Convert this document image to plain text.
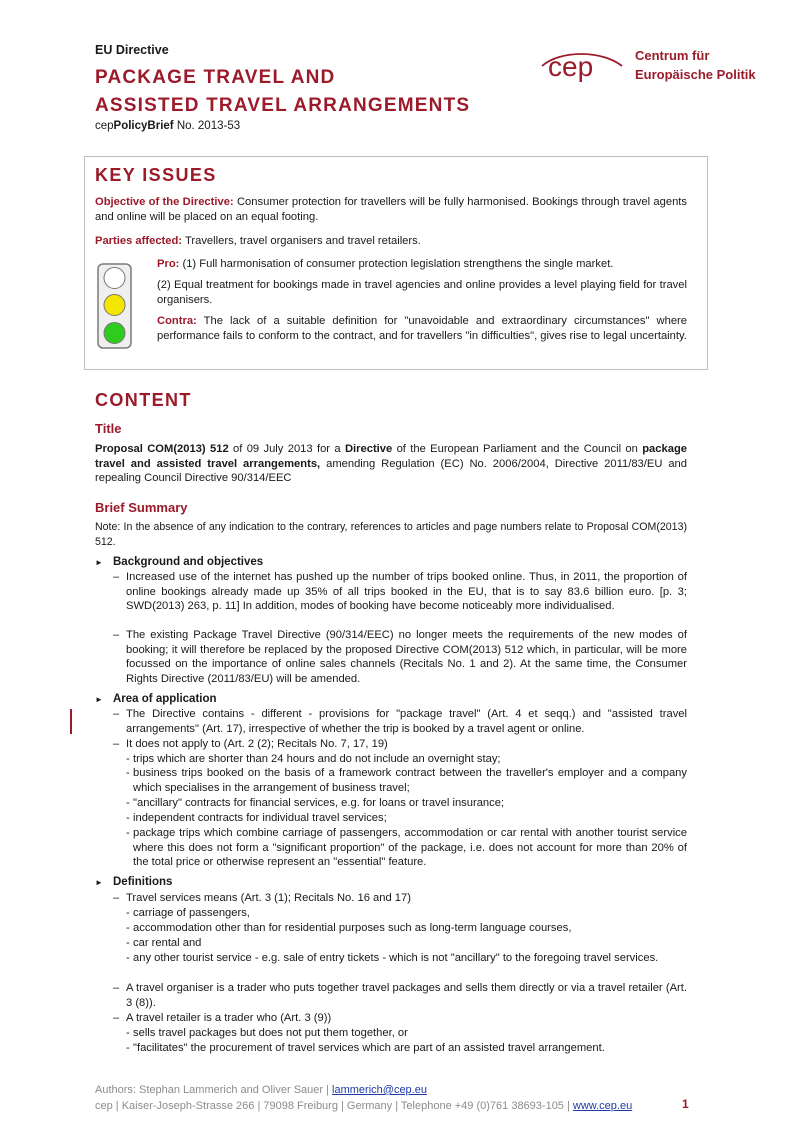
EU Directive
PACKAGE TRAVEL AND
ASSISTED TRAVEL ARRANGEMENTS
cepPolicyBrief No. 2013-53
cep	Centrum für
Europäische Politik
KEY ISSUES
Objective of the Directive: Consumer protection for travellers will be fully harmonised. Bookings through travel agents and online will be placed on an equal footing.
Parties affected: Travellers, travel organisers and travel retailers.
Pro: (1) Full harmonisation of consumer protection legislation strengthens the single market.
(2) Equal treatment for bookings made in travel agencies and online provides a level playing field for travel organisers.
Contra: The lack of a suitable definition for "unavoidable and extraordinary circumstances" where performance fails to conform to the contract, and for travellers "in difficulties", gives rise to legal uncertainty.
CONTENT
Title
Proposal COM(2013) 512 of 09 July 2013 for a Directive of the European Parliament and the Council on package travel and assisted travel arrangements, amending Regulation (EC) No. 2006/2004, Directive 2011/83/EU and repealing Council Directive 90/314/EEC
Brief Summary
Note: In the absence of any indication to the contrary, references to articles and page numbers relate to Proposal COM(2013) 512.
► Background and objectives
– Increased use of the internet has pushed up the number of trips booked online. Thus, in 2011, the proportion of online bookings already made up 35% of all trips booked in the EU, that is to say 83.6 billion euro. [p. 3; SWD(2013) 263, p. 11] In addition, modes of booking have become noticeably more individualised.
– The existing Package Travel Directive (90/314/EEC) no longer meets the requirements of the new modes of booking; it will therefore be replaced by the proposed Directive COM(2013) 512 which, in particular, will be more focussed on the importance of online sales channels (Recitals No. 1 and 2). At the same time, the Consumer Rights Directive (2011/83/EU) will be amended.
► Area of application
– The Directive contains - different - provisions for "package travel" (Art. 4 et seqq.) and "assisted travel arrangements" (Art. 17), irrespective of whether the trip is booked by a travel agent or online.
– It does not apply to (Art. 2 (2); Recitals No. 7, 17, 19)
- trips which are shorter than 24 hours and do not include an overnight stay;
- business trips booked on the basis of a framework contract between the traveller's employer and a company which specialises in the arrangement of business travel;
- "ancillary" contracts for financial services, e.g. for loans or travel insurance;
- independent contracts for individual travel services;
- package trips which combine carriage of passengers, accommodation or car rental with another tourist service where this does not form a "significant proportion" of the package, i.e. does not account for more than 20% of the total price or otherwise represent an "essential" feature.
► Definitions
– Travel services means (Art. 3 (1); Recitals No. 16 and 17)
- carriage of passengers,
- accommodation other than for residential purposes such as long-term language courses,
- car rental and
- any other tourist service - e.g. sale of entry tickets - which is not "ancillary" to the foregoing travel services.
– A travel organiser is a trader who puts together travel packages and sells them directly or via a travel retailer (Art. 3 (8)).
– A travel retailer is a trader who (Art. 3 (9))
- sells travel packages but does not put them together, or
- "facilitates" the procurement of travel services which are part of an assisted travel arrangement.
Authors: Stephan Lammerich and Oliver Sauer | lammerich@cep.eu
cep | Kaiser-Joseph-Strasse 266 | 79098 Freiburg | Germany | Telephone +49 (0)761 38693-105 | www.cep.eu	1
